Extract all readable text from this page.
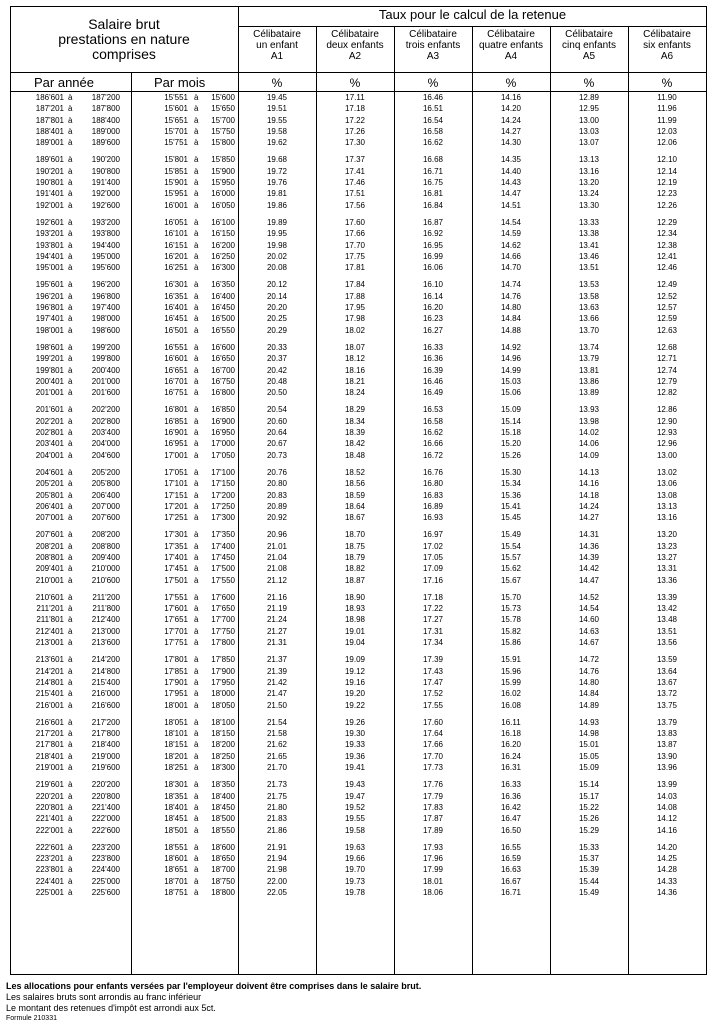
Salaire brut
prestations en nature
comprises
Taux pour le calcul de la retenue
Célibataire
un enfant
A1
Célibataire
deux enfants
A2
Célibataire
trois enfants
A3
Célibataire
quatre enfants
A4
Célibataire
cinq enfants
A5
Célibataire
six enfants
A6
Par année	Par mois	%	%	%	%	%	%
186'601 à	187'200	15'551 à	15'600	19.45	17.11	16.46	14.16	12.89	11.90
187'201 à	187'800	15'601 à	15'650	19.51	17.18	16.51	14.20	12.95	11.96
187'801 à	188'400	15'651 à	15'700	19.55	17.22	16.54	14.24	13.00	11.99
188'401 à	189'000	15'701 à	15'750	19.58	17.26	16.58	14.27	13.03	12.03
189'001 à	189'600	15'751 à	15'800	19.62	17.30	16.62	14.30	13.07	12.06
189'601 à	190'200	15'801 à	15'850	19.68	17.37	16.68	14.35	13.13	12.10
190'201 à	190'800	15'851 à	15'900	19.72	17.41	16.71	14.40	13.16	12.14
190'801 à	191'400	15'901 à	15'950	19.76	17.46	16.75	14.43	13.20	12.19
191'401 à	192'000	15'951 à	16'000	19.81	17.51	16.81	14.47	13.24	12.23
192'001 à	192'600	16'001 à	16'050	19.86	17.56	16.84	14.51	13.30	12.26
192'601 à	193'200	16'051 à	16'100	19.89	17.60	16.87	14.54	13.33	12.29
193'201 à	193'800	16'101 à	16'150	19.95	17.66	16.92	14.59	13.38	12.34
193'801 à	194'400	16'151 à	16'200	19.98	17.70	16.95	14.62	13.41	12.38
194'401 à	195'000	16'201 à	16'250	20.02	17.75	16.99	14.66	13.46	12.41
195'001 à	195'600	16'251 à	16'300	20.08	17.81	16.06	14.70	13.51	12.46
195'601 à	196'200	16'301 à	16'350	20.12	17.84	16.10	14.74	13.53	12.49
196'201 à	196'800	16'351 à	16'400	20.14	17.88	16.14	14.76	13.58	12.52
196'801 à	197'400	16'401 à	16'450	20.20	17.95	16.20	14.80	13.63	12.57
197'401 à	198'000	16'451 à	16'500	20.25	17.98	16.23	14.84	13.66	12.59
198'001 à	198'600	16'501 à	16'550	20.29	18.02	16.27	14.88	13.70	12.63
198'601 à	199'200	16'551 à	16'600	20.33	18.07	16.33	14.92	13.74	12.68
199'201 à	199'800	16'601 à	16'650	20.37	18.12	16.36	14.96	13.79	12.71
199'801 à	200'400	16'651 à	16'700	20.42	18.16	16.39	14.99	13.81	12.74
200'401 à	201'000	16'701 à	16'750	20.48	18.21	16.46	15.03	13.86	12.79
201'001 à	201'600	16'751 à	16'800	20.50	18.24	16.49	15.06	13.89	12.82
201'601 à	202'200	16'801 à	16'850	20.54	18.29	16.53	15.09	13.93	12.86
202'201 à	202'800	16'851 à	16'900	20.60	18.34	16.58	15.14	13.98	12.90
202'801 à	203'400	16'901 à	16'950	20.64	18.39	16.62	15.18	14.02	12.93
203'401 à	204'000	16'951 à	17'000	20.67	18.42	16.66	15.20	14.06	12.96
204'001 à	204'600	17'001 à	17'050	20.73	18.48	16.72	15.26	14.09	13.00
204'601 à	205'200	17'051 à	17'100	20.76	18.52	16.76	15.30	14.13	13.02
205'201 à	205'800	17'101 à	17'150	20.80	18.56	16.80	15.34	14.16	13.06
205'801 à	206'400	17'151 à	17'200	20.83	18.59	16.83	15.36	14.18	13.08
206'401 à	207'000	17'201 à	17'250	20.89	18.64	16.89	15.41	14.24	13.13
207'001 à	207'600	17'251 à	17'300	20.92	18.67	16.93	15.45	14.27	13.16
207'601 à	208'200	17'301 à	17'350	20.96	18.70	16.97	15.49	14.31	13.20
208'201 à	208'800	17'351 à	17'400	21.01	18.75	17.02	15.54	14.36	13.23
208'801 à	209'400	17'401 à	17'450	21.04	18.79	17.05	15.57	14.39	13.27
209'401 à	210'000	17'451 à	17'500	21.08	18.82	17.09	15.62	14.42	13.31
210'001 à	210'600	17'501 à	17'550	21.12	18.87	17.16	15.67	14.47	13.36
210'601 à	211'200	17'551 à	17'600	21.16	18.90	17.18	15.70	14.52	13.39
211'201 à	211'800	17'601 à	17'650	21.19	18.93	17.22	15.73	14.54	13.42
211'801 à	212'400	17'651 à	17'700	21.24	18.98	17.27	15.78	14.60	13.48
212'401 à	213'000	17'701 à	17'750	21.27	19.01	17.31	15.82	14.63	13.51
213'001 à	213'600	17'751 à	17'800	21.31	19.04	17.34	15.86	14.67	13.56
213'601 à	214'200	17'801 à	17'850	21.37	19.09	17.39	15.91	14.72	13.59
214'201 à	214'800	17'851 à	17'900	21.39	19.12	17.43	15.96	14.76	13.64
214'801 à	215'400	17'901 à	17'950	21.42	19.16	17.47	15.99	14.80	13.67
215'401 à	216'000	17'951 à	18'000	21.47	19.20	17.52	16.02	14.84	13.72
216'001 à	216'600	18'001 à	18'050	21.50	19.22	17.55	16.08	14.89	13.75
216'601 à	217'200	18'051 à	18'100	21.54	19.26	17.60	16.11	14.93	13.79
217'201 à	217'800	18'101 à	18'150	21.58	19.30	17.64	16.18	14.98	13.83
217'801 à	218'400	18'151 à	18'200	21.62	19.33	17.66	16.20	15.01	13.87
218'401 à	219'000	18'201 à	18'250	21.65	19.36	17.70	16.24	15.05	13.90
219'001 à	219'600	18'251 à	18'300	21.70	19.41	17.73	16.31	15.09	13.96
219'601 à	220'200	18'301 à	18'350	21.73	19.43	17.76	16.33	15.14	13.99
220'201 à	220'800	18'351 à	18'400	21.75	19.47	17.79	16.36	15.17	14.03
220'801 à	221'400	18'401 à	18'450	21.80	19.52	17.83	16.42	15.22	14.08
221'401 à	222'000	18'451 à	18'500	21.83	19.55	17.87	16.47	15.26	14.12
222'001 à	222'600	18'501 à	18'550	21.86	19.58	17.89	16.50	15.29	14.16
222'601 à	223'200	18'551 à	18'600	21.91	19.63	17.93	16.55	15.33	14.20
223'201 à	223'800	18'601 à	18'650	21.94	19.66	17.96	16.59	15.37	14.25
223'801 à	224'400	18'651 à	18'700	21.98	19.70	17.99	16.63	15.39	14.28
224'401 à	225'000	18'701 à	18'750	22.00	19.73	18.01	16.67	15.44	14.33
225'001 à	225'600	18'751 à	18'800	22.05	19.78	18.06	16.71	15.49	14.36
Les allocations pour enfants versées par l'employeur doivent être comprises dans le salaire brut.
Les salaires bruts sont arrondis au franc inférieur
Le montant des retenues d'impôt est arrondi aux 5ct.
Formule 210331
